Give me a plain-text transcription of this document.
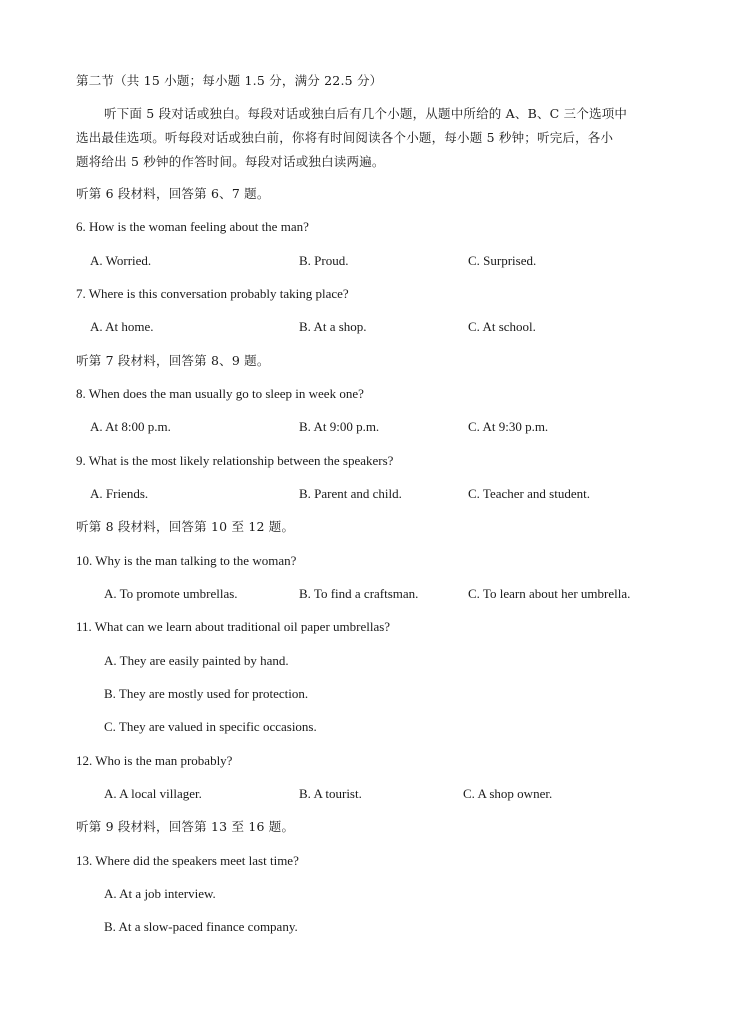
第二节（共 15 小题；每小题 1.5 分，满分 22.5 分）
听下面 5 段对话或独白。每段对话或独白后有几个小题，从题中所给的 A、B、C 三个选项中
选出最佳选项。听每段对话或独白前，你将有时间阅读各个小题，每小题 5 秒钟；听完后，各小
题将给出 5 秒钟的作答时间。每段对话或独白读两遍。
听第 6 段材料，回答第 6、7 题。
6. How is the woman feeling about the man?
A. Worried.	B. Proud.	C. Surprised.
7. Where is this conversation probably taking place?
A. At home.	B. At a shop.	C. At school.
听第 7 段材料，回答第 8、9 题。
8. When does the man usually go to sleep in week one?
A. At 8:00 p.m.	B. At 9:00 p.m.	C. At 9:30 p.m.
9. What is the most likely relationship between the speakers?
A. Friends.	B. Parent and child.	C. Teacher and student.
听第 8 段材料，回答第 10 至 12 题。
10. Why is the man talking to the woman?
A. To promote umbrellas.	B. To find a craftsman.	C. To learn about her umbrella.
11. What can we learn about traditional oil paper umbrellas?
A. They are easily painted by hand.
B. They are mostly used for protection.
C. They are valued in specific occasions.
12. Who is the man probably?
A. A local villager.	B. A tourist.	C. A shop owner.
听第 9 段材料，回答第 13 至 16 题。
13. Where did the speakers meet last time?
A. At a job interview.
B. At a slow-paced finance company.
